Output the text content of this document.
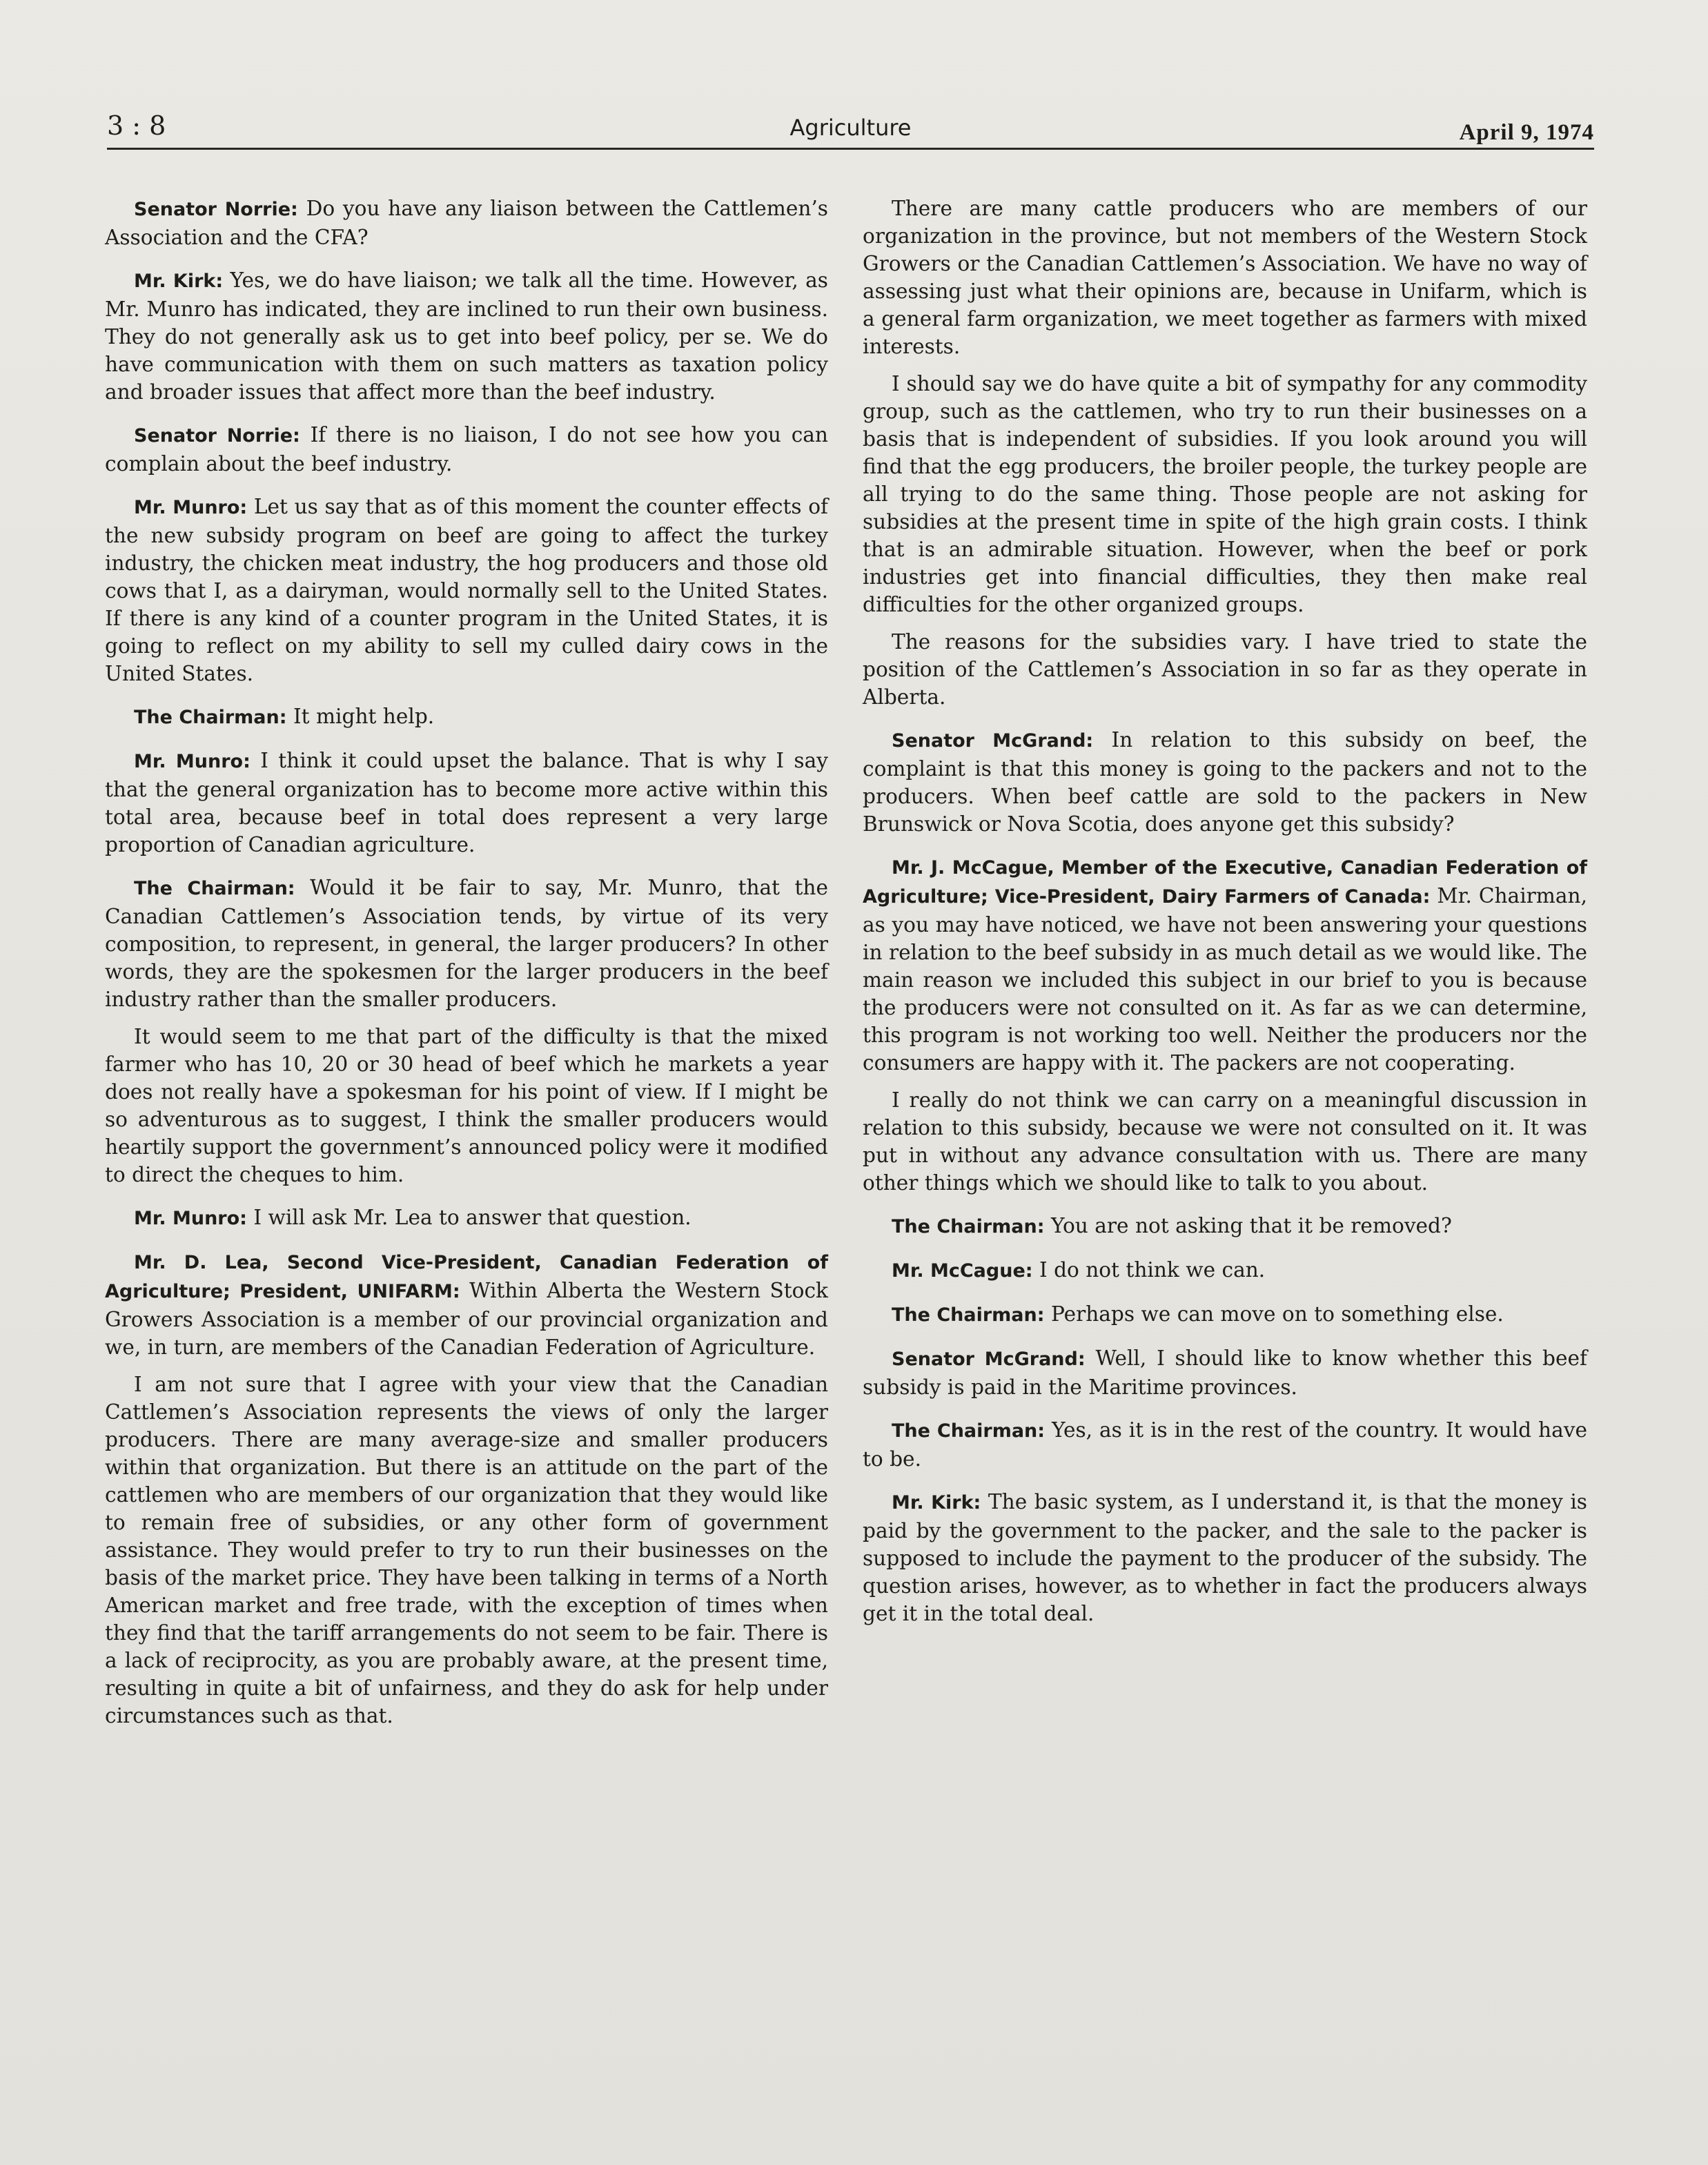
3 : 8	Agriculture	April 9, 1974

Senator Norrie: Do you have any liaison between the Cattlemen’s Association and the CFA?

Mr. Kirk: Yes, we do have liaison; we talk all the time. However, as Mr. Munro has indicated, they are inclined to run their own business. They do not generally ask us to get into beef policy, per se. We do have communication with them on such matters as taxation policy and broader issues that affect more than the beef industry.

Senator Norrie: If there is no liaison, I do not see how you can complain about the beef industry.

Mr. Munro: Let us say that as of this moment the counter effects of the new subsidy program on beef are going to affect the turkey industry, the chicken meat industry, the hog producers and those old cows that I, as a dairyman, would normally sell to the United States. If there is any kind of a counter program in the United States, it is going to reflect on my ability to sell my culled dairy cows in the United States.

The Chairman: It might help.

Mr. Munro: I think it could upset the balance. That is why I say that the general organization has to become more active within this total area, because beef in total does represent a very large proportion of Canadian agriculture.

The Chairman: Would it be fair to say, Mr. Munro, that the Canadian Cattlemen’s Association tends, by virtue of its very composition, to represent, in general, the larger producers? In other words, they are the spokesmen for the larger producers in the beef industry rather than the smaller producers.

It would seem to me that part of the difficulty is that the mixed farmer who has 10, 20 or 30 head of beef which he markets a year does not really have a spokesman for his point of view. If I might be so adventurous as to suggest, I think the smaller producers would heartily support the government’s announced policy were it modified to direct the cheques to him.

Mr. Munro: I will ask Mr. Lea to answer that question.

Mr. D. Lea, Second Vice-President, Canadian Federation of Agriculture; President, UNIFARM: Within Alberta the Western Stock Growers Association is a member of our provincial organization and we, in turn, are members of the Canadian Federation of Agriculture.

I am not sure that I agree with your view that the Canadian Cattlemen’s Association represents the views of only the larger producers. There are many average-size and smaller producers within that organization. But there is an attitude on the part of the cattlemen who are members of our organization that they would like to remain free of subsidies, or any other form of government assistance. They would prefer to try to run their businesses on the basis of the market price. They have been talking in terms of a North American market and free trade, with the exception of times when they find that the tariff arrangements do not seem to be fair. There is a lack of reciprocity, as you are probably aware, at the present time, resulting in quite a bit of unfairness, and they do ask for help under circumstances such as that.

There are many cattle producers who are members of our organization in the province, but not members of the Western Stock Growers or the Canadian Cattlemen’s Association. We have no way of assessing just what their opinions are, because in Unifarm, which is a general farm organization, we meet together as farmers with mixed interests.

I should say we do have quite a bit of sympathy for any commodity group, such as the cattlemen, who try to run their businesses on a basis that is independent of subsidies. If you look around you will find that the egg producers, the broiler people, the turkey people are all trying to do the same thing. Those people are not asking for subsidies at the present time in spite of the high grain costs. I think that is an admirable situation. However, when the beef or pork industries get into financial difficulties, they then make real difficulties for the other organized groups.

The reasons for the subsidies vary. I have tried to state the position of the Cattlemen’s Association in so far as they operate in Alberta.

Senator McGrand: In relation to this subsidy on beef, the complaint is that this money is going to the packers and not to the producers. When beef cattle are sold to the packers in New Brunswick or Nova Scotia, does anyone get this subsidy?

Mr. J. McCague, Member of the Executive, Canadian Federation of Agriculture; Vice-President, Dairy Farmers of Canada: Mr. Chairman, as you may have noticed, we have not been answering your questions in relation to the beef subsidy in as much detail as we would like. The main reason we included this subject in our brief to you is because the producers were not consulted on it. As far as we can determine, this program is not working too well. Neither the producers nor the consumers are happy with it. The packers are not cooperating.

I really do not think we can carry on a meaningful discussion in relation to this subsidy, because we were not consulted on it. It was put in without any advance consultation with us. There are many other things which we should like to talk to you about.

The Chairman: You are not asking that it be removed?

Mr. McCague: I do not think we can.

The Chairman: Perhaps we can move on to something else.

Senator McGrand: Well, I should like to know whether this beef subsidy is paid in the Maritime provinces.

The Chairman: Yes, as it is in the rest of the country. It would have to be.

Mr. Kirk: The basic system, as I understand it, is that the money is paid by the government to the packer, and the sale to the packer is supposed to include the payment to the producer of the subsidy. The question arises, however, as to whether in fact the producers always get it in the total deal.
